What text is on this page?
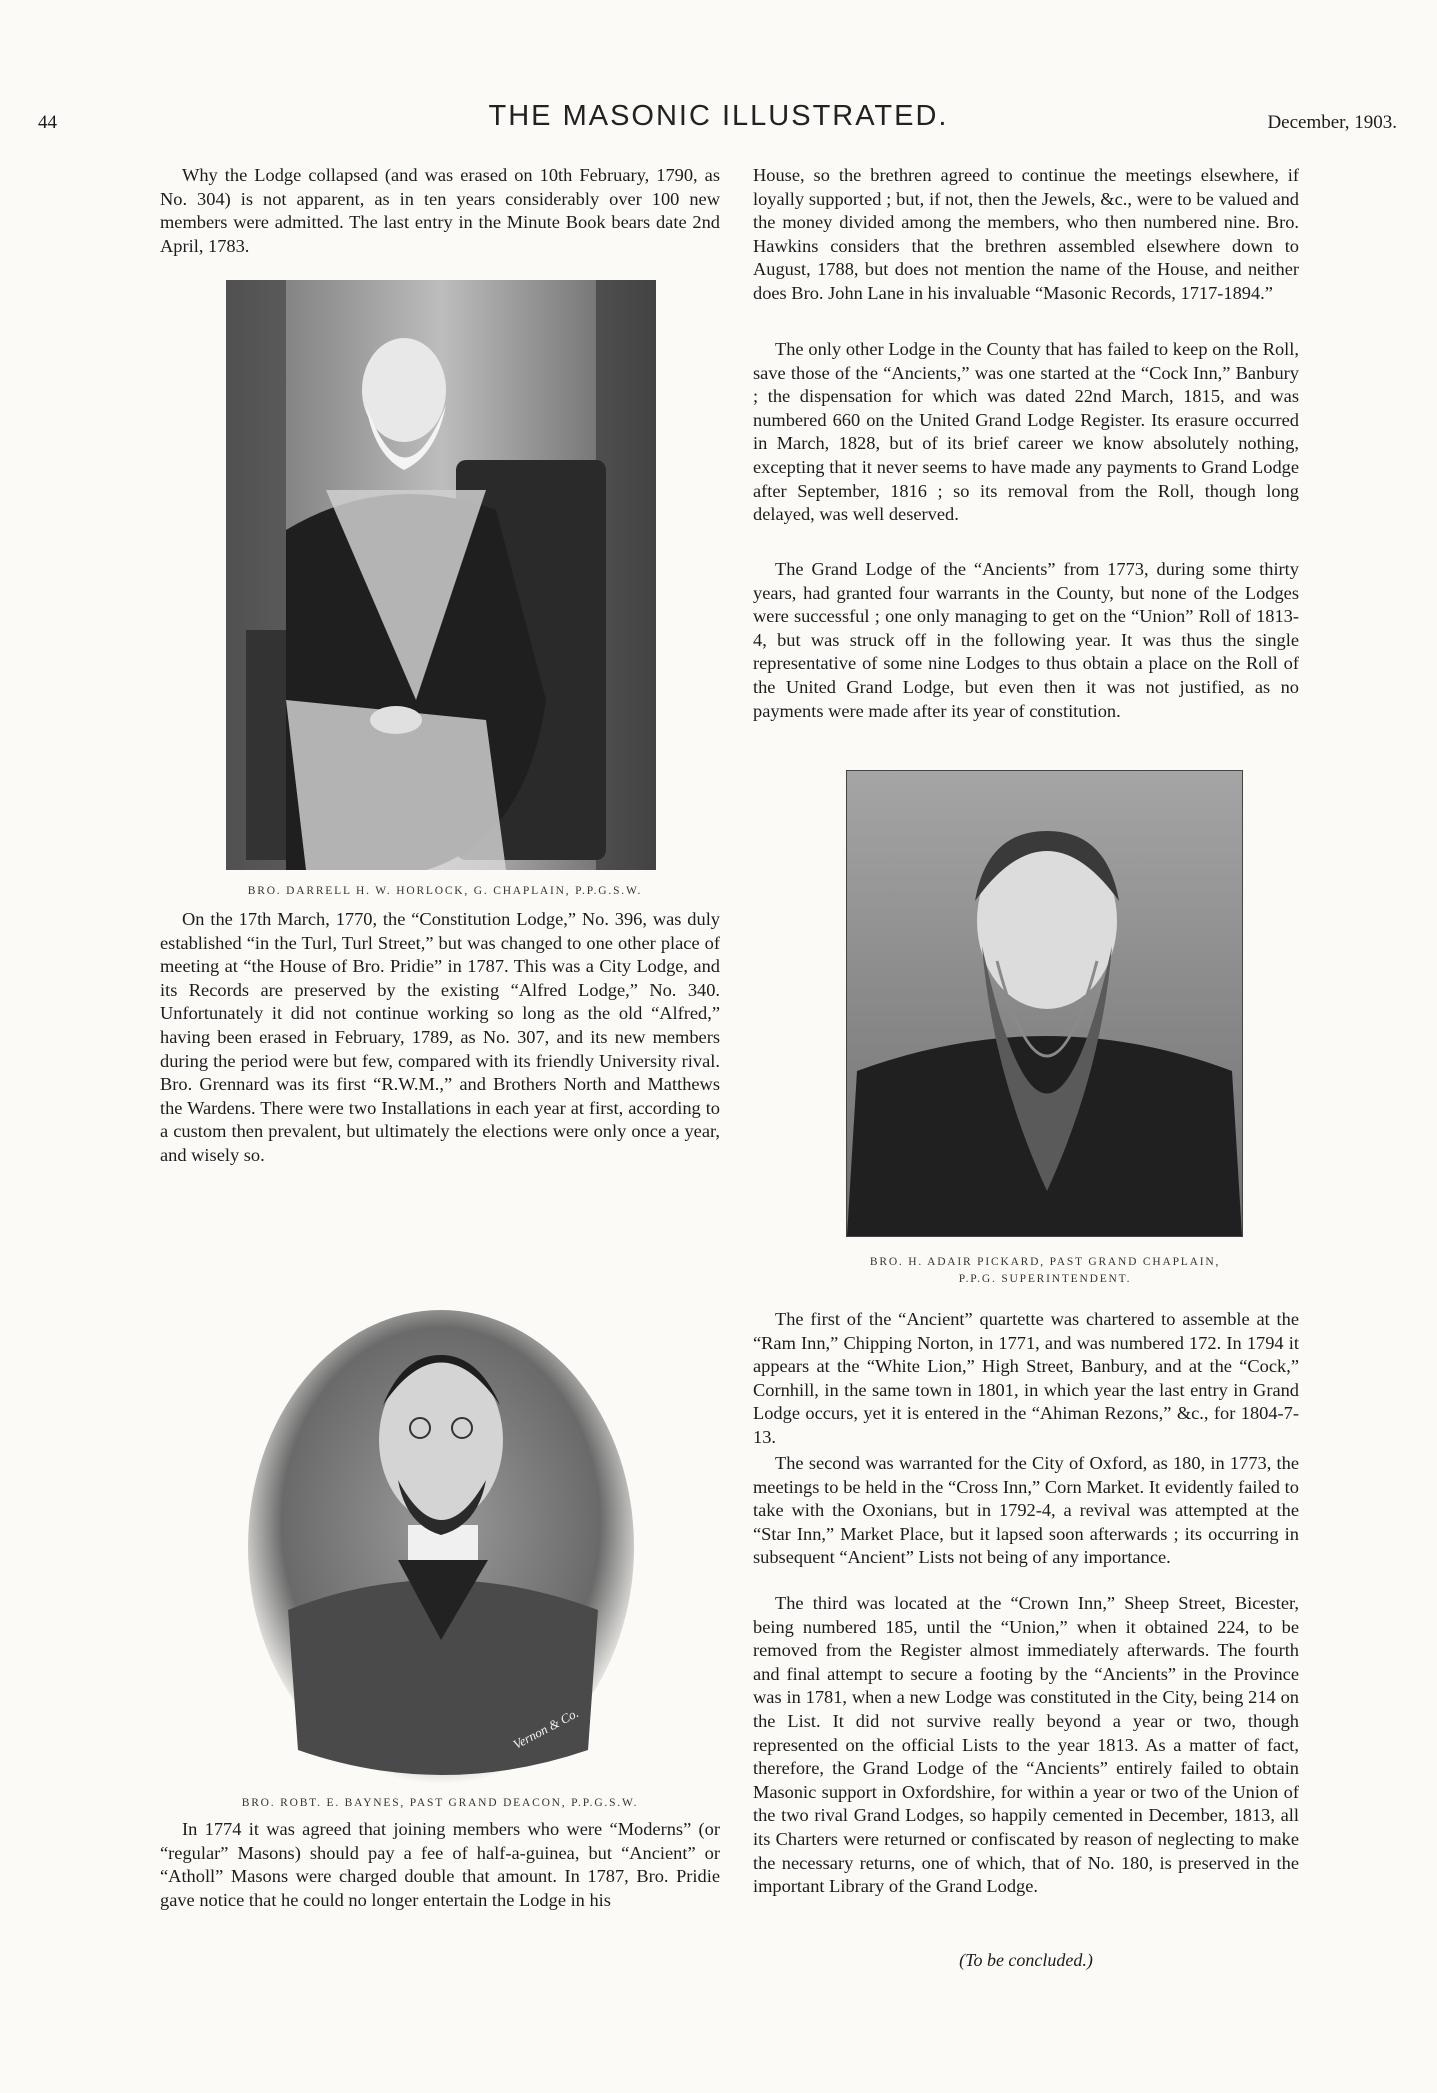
44	THE MASONIC ILLUSTRATED.	December, 1903.

Why the Lodge collapsed (and was erased on 10th February, 1790, as No. 304) is not apparent, as in ten years considerably over 100 new members were admitted. The last entry in the Minute Book bears date 2nd April, 1783.

BRO. DARRELL H. W. HORLOCK, G. CHAPLAIN, P.P.G.S.W.

On the 17th March, 1770, the “Constitution Lodge,” No. 396, was duly established “in the Turl, Turl Street,” but was changed to one other place of meeting at “the House of Bro. Pridie” in 1787. This was a City Lodge, and its Records are preserved by the existing “Alfred Lodge,” No. 340. Unfortunately it did not continue working so long as the old “Alfred,” having been erased in February, 1789, as No. 307, and its new members during the period were but few, compared with its friendly University rival. Bro. Grennard was its first “R.W.M.,” and Brothers North and Matthews the Wardens. There were two Installations in each year at first, according to a custom then prevalent, but ultimately the elections were only once a year, and wisely so.

Vernon & Co.
BRO. ROBT. E. BAYNES, PAST GRAND DEACON, P.P.G.S.W.

In 1774 it was agreed that joining members who were “Moderns” (or “regular” Masons) should pay a fee of half-a-guinea, but “Ancient” or “Atholl” Masons were charged double that amount. In 1787, Bro. Pridie gave notice that he could no longer entertain the Lodge in his

House, so the brethren agreed to continue the meetings elsewhere, if loyally supported ; but, if not, then the Jewels, &c., were to be valued and the money divided among the members, who then numbered nine. Bro. Hawkins considers that the brethren assembled elsewhere down to August, 1788, but does not mention the name of the House, and neither does Bro. John Lane in his invaluable “Masonic Records, 1717-1894.”

The only other Lodge in the County that has failed to keep on the Roll, save those of the “Ancients,” was one started at the “Cock Inn,” Banbury ; the dispensation for which was dated 22nd March, 1815, and was numbered 660 on the United Grand Lodge Register. Its erasure occurred in March, 1828, but of its brief career we know absolutely nothing, excepting that it never seems to have made any payments to Grand Lodge after September, 1816 ; so its removal from the Roll, though long delayed, was well deserved.

The Grand Lodge of the “Ancients” from 1773, during some thirty years, had granted four warrants in the County, but none of the Lodges were successful ; one only managing to get on the “Union” Roll of 1813-4, but was struck off in the following year. It was thus the single representative of some nine Lodges to thus obtain a place on the Roll of the United Grand Lodge, but even then it was not justified, as no payments were made after its year of constitution.

BRO. H. ADAIR PICKARD, PAST GRAND CHAPLAIN,
P.P.G. SUPERINTENDENT.

The first of the “Ancient” quartette was chartered to assemble at the “Ram Inn,” Chipping Norton, in 1771, and was numbered 172. In 1794 it appears at the “White Lion,” High Street, Banbury, and at the “Cock,” Cornhill, in the same town in 1801, in which year the last entry in Grand Lodge occurs, yet it is entered in the “Ahiman Rezons,” &c., for 1804-7-13.

The second was warranted for the City of Oxford, as 180, in 1773, the meetings to be held in the “Cross Inn,” Corn Market. It evidently failed to take with the Oxonians, but in 1792-4, a revival was attempted at the “Star Inn,” Market Place, but it lapsed soon afterwards ; its occurring in subsequent “Ancient” Lists not being of any importance.

The third was located at the “Crown Inn,” Sheep Street, Bicester, being numbered 185, until the “Union,” when it obtained 224, to be removed from the Register almost immediately afterwards. The fourth and final attempt to secure a footing by the “Ancients” in the Province was in 1781, when a new Lodge was constituted in the City, being 214 on the List. It did not survive really beyond a year or two, though represented on the official Lists to the year 1813. As a matter of fact, therefore, the Grand Lodge of the “Ancients” entirely failed to obtain Masonic support in Oxfordshire, for within a year or two of the Union of the two rival Grand Lodges, so happily cemented in December, 1813, all its Charters were returned or confiscated by reason of neglecting to make the necessary returns, one of which, that of No. 180, is preserved in the important Library of the Grand Lodge.

(To be concluded.)
